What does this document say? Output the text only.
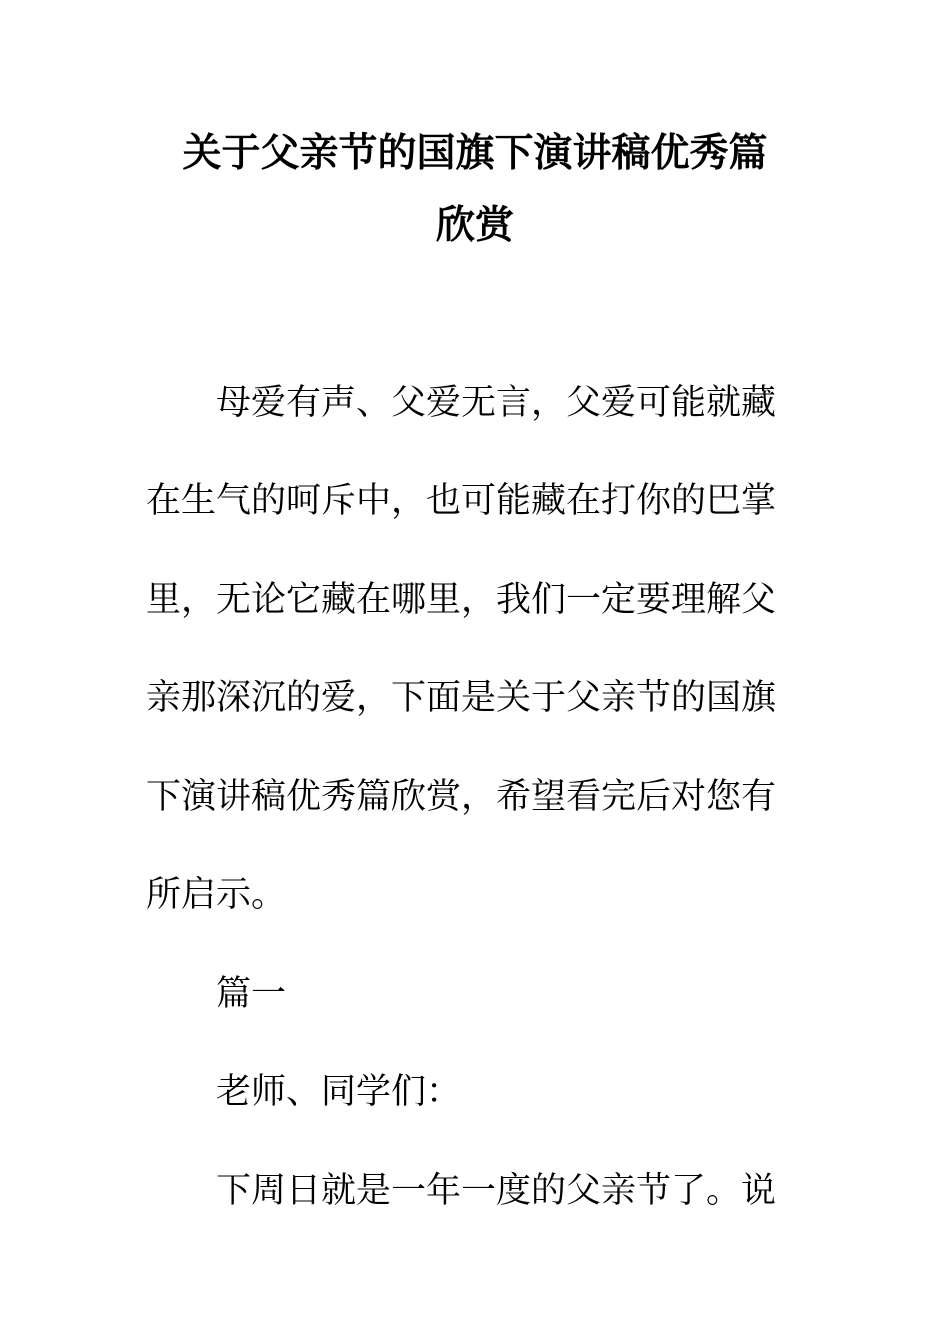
关于父亲节的国旗下演讲稿优秀篇
欣赏
母爱有声、父爱无言，父爱可能就藏
在生气的呵斥中，也可能藏在打你的巴掌
里，无论它藏在哪里，我们一定要理解父
亲那深沉的爱，下面是关于父亲节的国旗
下演讲稿优秀篇欣赏，希望看完后对您有
所启示。
篇一
老师、同学们：
下周日就是一年一度的父亲节了。说
